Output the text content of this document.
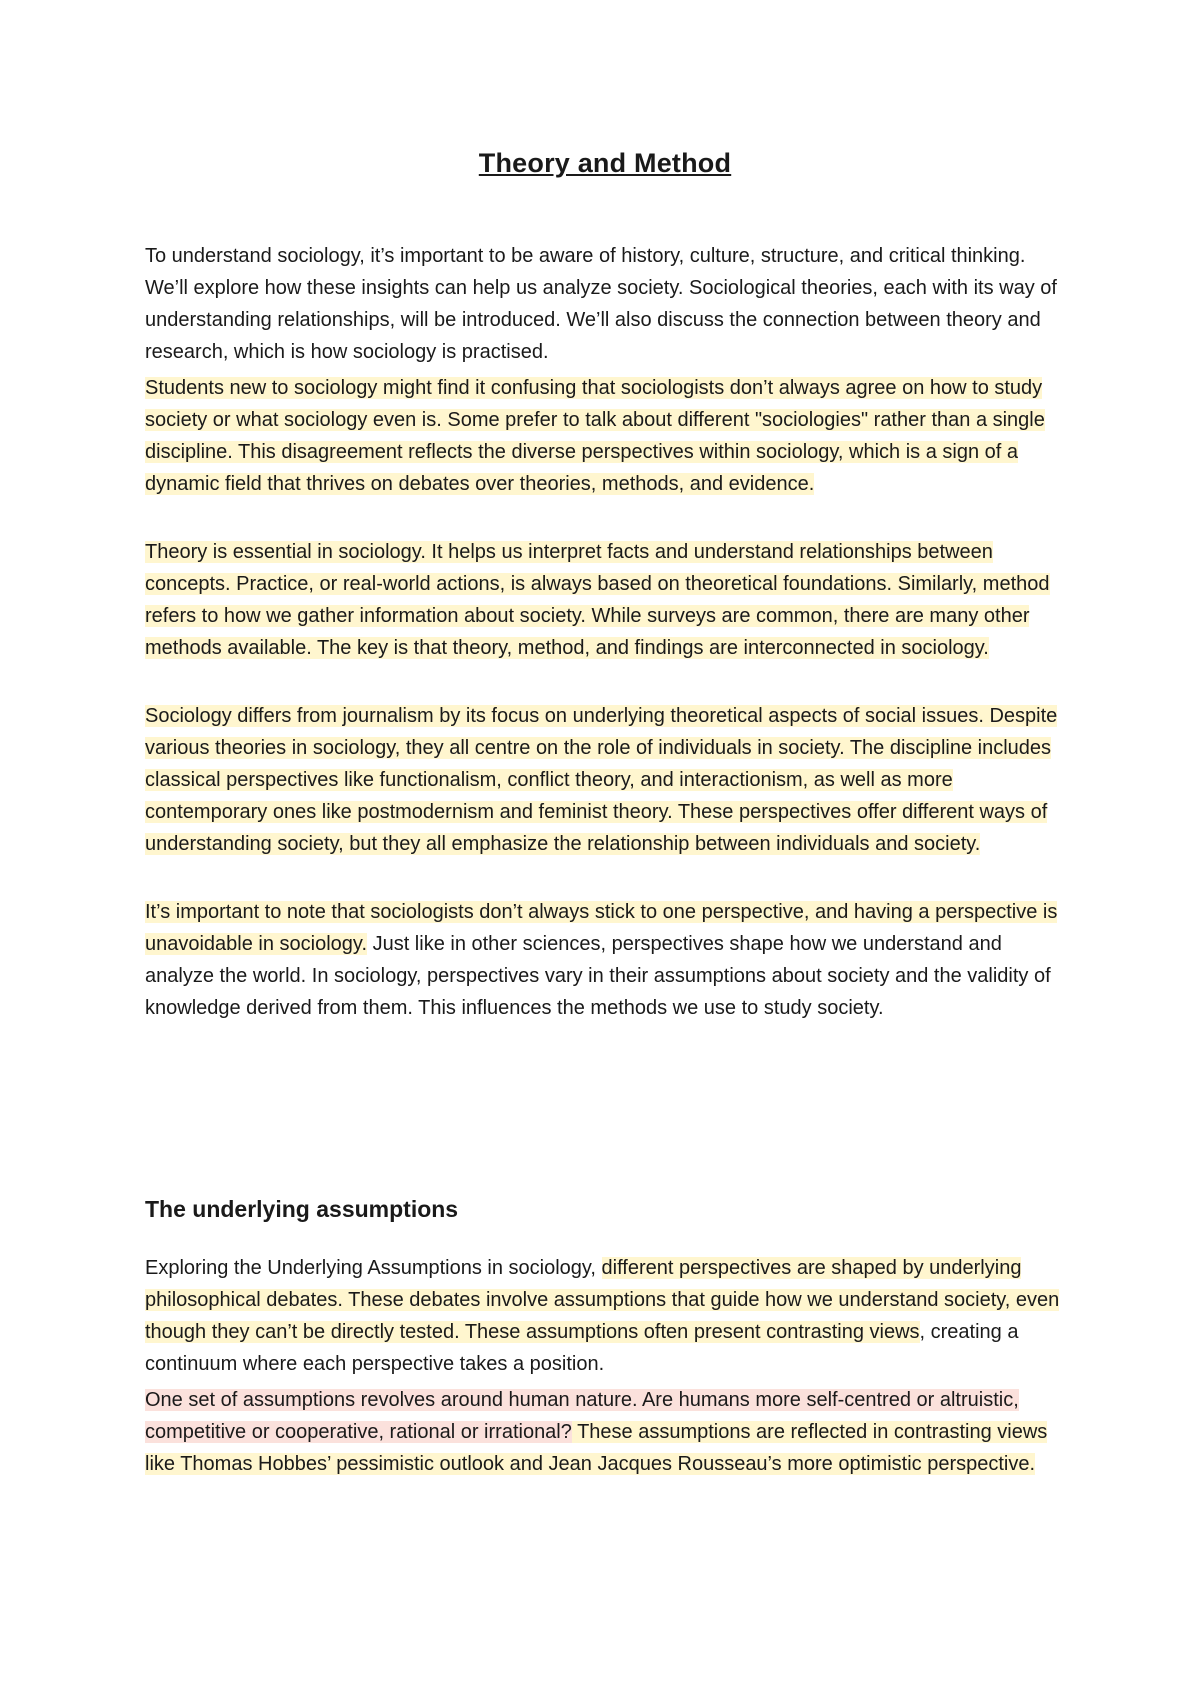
Theory and Method

To understand sociology, it’s important to be aware of history, culture, structure, and critical thinking. We’ll explore how these insights can help us analyze society. Sociological theories, each with its way of understanding relationships, will be introduced. We’ll also discuss the connection between theory and research, which is how sociology is practised.

Students new to sociology might find it confusing that sociologists don’t always agree on how to study society or what sociology even is. Some prefer to talk about different "sociologies" rather than a single discipline. This disagreement reflects the diverse perspectives within sociology, which is a sign of a dynamic field that thrives on debates over theories, methods, and evidence.

Theory is essential in sociology. It helps us interpret facts and understand relationships between concepts. Practice, or real-world actions, is always based on theoretical foundations. Similarly, method refers to how we gather information about society. While surveys are common, there are many other methods available. The key is that theory, method, and findings are interconnected in sociology.

Sociology differs from journalism by its focus on underlying theoretical aspects of social issues. Despite various theories in sociology, they all centre on the role of individuals in society. The discipline includes classical perspectives like functionalism, conflict theory, and interactionism, as well as more contemporary ones like postmodernism and feminist theory. These perspectives offer different ways of understanding society, but they all emphasize the relationship between individuals and society.

It’s important to note that sociologists don’t always stick to one perspective, and having a perspective is unavoidable in sociology. Just like in other sciences, perspectives shape how we understand and analyze the world. In sociology, perspectives vary in their assumptions about society and the validity of knowledge derived from them. This influences the methods we use to study society.

The underlying assumptions

Exploring the Underlying Assumptions in sociology, different perspectives are shaped by underlying philosophical debates. These debates involve assumptions that guide how we understand society, even though they can’t be directly tested. These assumptions often present contrasting views, creating a continuum where each perspective takes a position.

One set of assumptions revolves around human nature. Are humans more self-centred or altruistic, competitive or cooperative, rational or irrational? These assumptions are reflected in contrasting views like Thomas Hobbes’ pessimistic outlook and Jean Jacques Rousseau’s more optimistic perspective.
